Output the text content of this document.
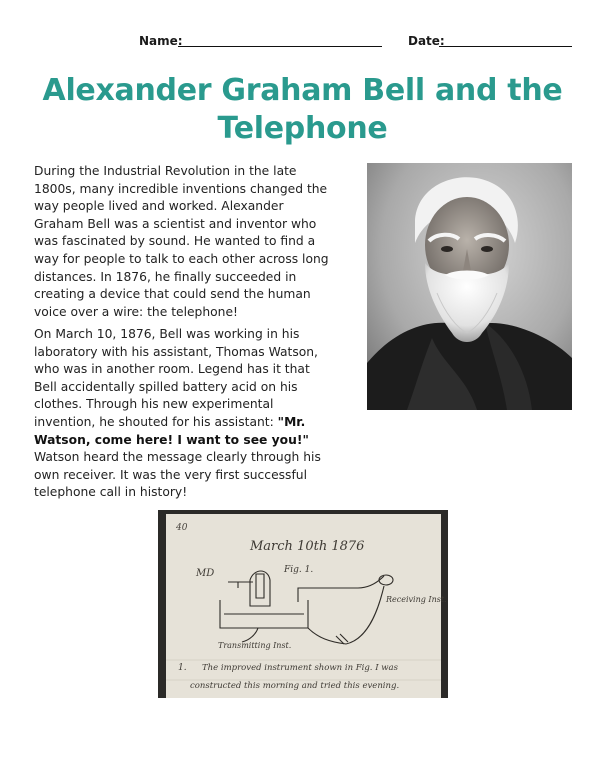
Name:	Date:
Alexander Graham Bell and the
Telephone

During the Industrial Revolution in the late 1800s, many incredible inventions changed the way people lived and worked. Alexander Graham Bell was a scientist and inventor who was fascinated by sound. He wanted to find a way for people to talk to each other across long distances. In 1876, he finally succeeded in creating a device that could send the human voice over a wire: the telephone!

On March 10, 1876, Bell was working in his laboratory with his assistant, Thomas Watson, who was in another room. Legend has it that Bell accidentally spilled battery acid on his clothes. Through his new experimental invention, he shouted for his assistant: "Mr. Watson, come here! I want to see you!" Watson heard the message clearly through his own receiver. It was the very first successful telephone call in history!

40
March 10th 1876
MD	Fig. 1.
Receiving Inst.
Transmitting Inst.
1. The improved instrument shown in Fig. I was
constructed this morning and tried this evening.
